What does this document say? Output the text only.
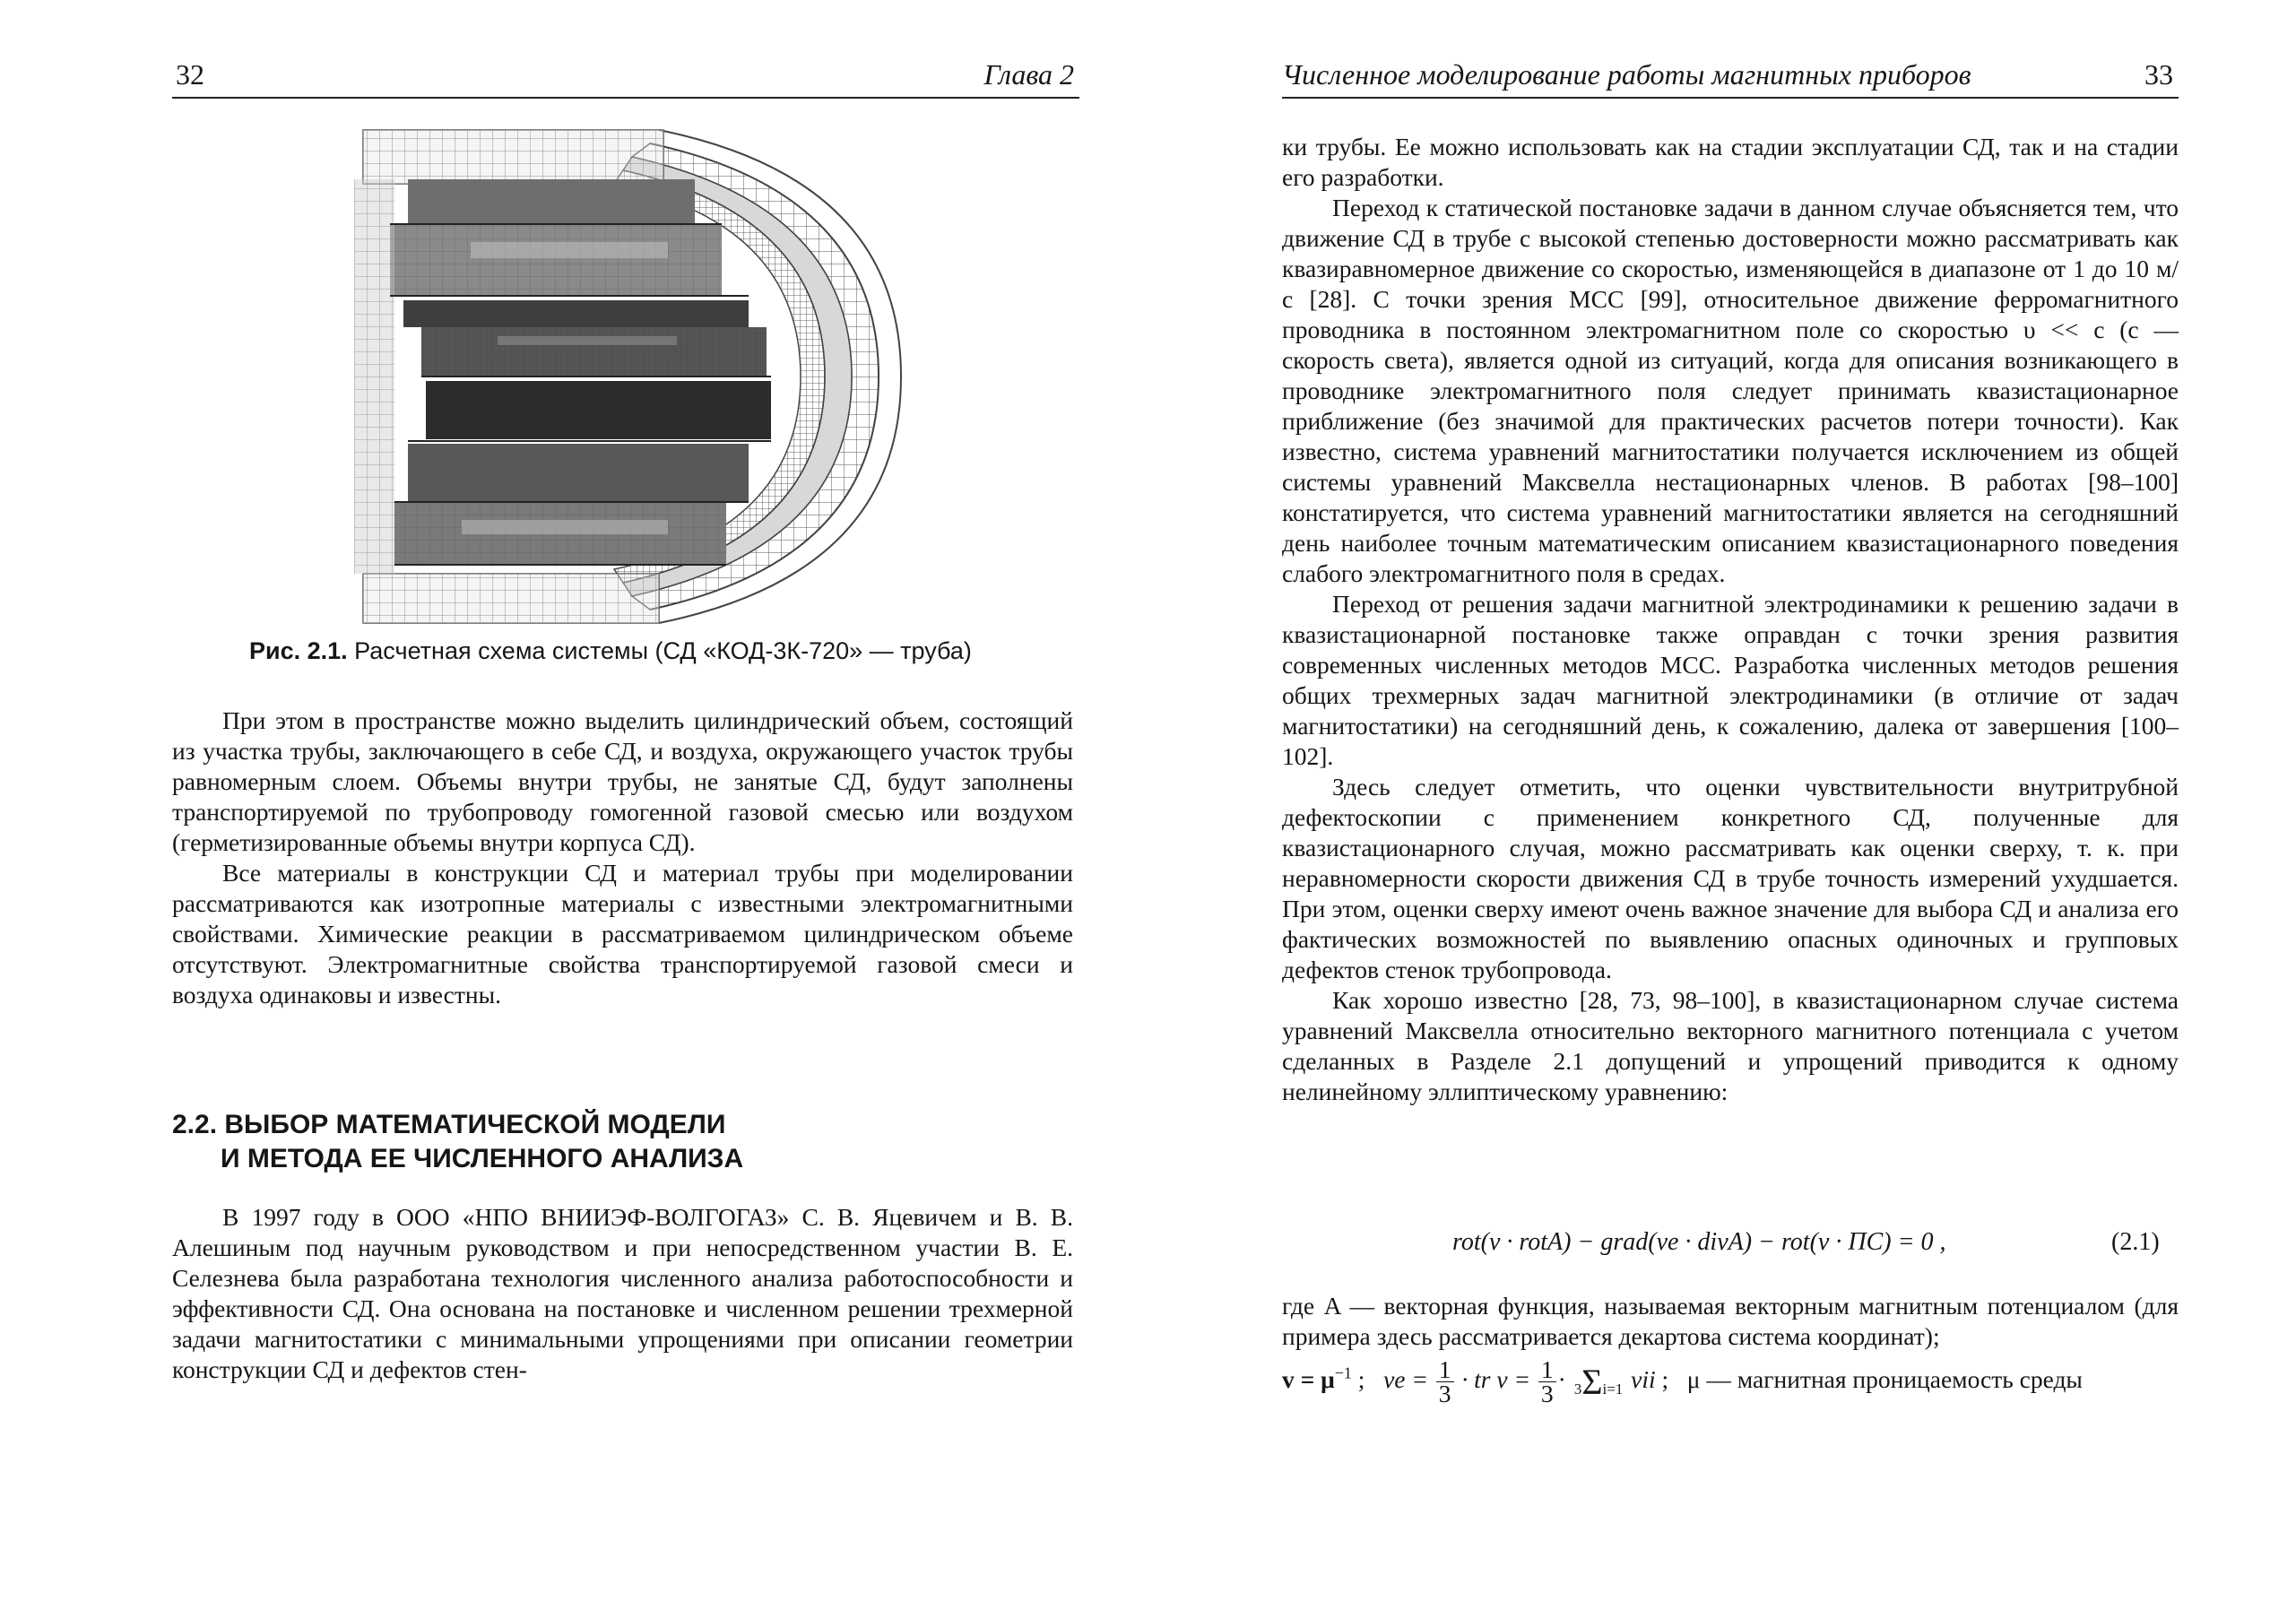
32	Глава 2
Рис. 2.1. Расчетная схема системы (СД «КОД-3К-720» — труба)

При этом в пространстве можно выделить цилиндрический объем, состоящий из участка трубы, заключающего в себе СД, и воздуха, окружающего участок трубы равномерным слоем. Объемы внутри трубы, не занятые СД, будут заполнены транспортируемой по трубопроводу гомогенной газовой смесью или воздухом (герметизированные объемы внутри корпуса СД).

Все материалы в конструкции СД и материал трубы при моделировании рассматриваются как изотропные материалы с известными электромагнитными свойствами. Химические реакции в рассматриваемом цилиндрическом объеме отсутствуют. Электромагнитные свойства транспортируемой газовой смеси и воздуха одинаковы и известны.

2.2. ВЫБОР МАТЕМАТИЧЕСКОЙ МОДЕЛИ
И МЕТОДА ЕЕ ЧИСЛЕННОГО АНАЛИЗА

В 1997 году в ООО «НПО ВНИИЭФ-ВОЛГОГАЗ» С. В. Яцевичем и В. В. Алешиным под научным руководством и при непосредственном участии В. Е. Селезнева была разработана технология численного анализа работоспособности и эффективности СД. Она основана на постановке и численном решении трехмерной задачи магнитостатики с минимальными упрощениями при описании геометрии конструкции СД и дефектов стен-

Численное моделирование работы магнитных приборов	33

ки трубы. Ее можно использовать как на стадии эксплуатации СД, так и на стадии его разработки.

Переход к статической постановке задачи в данном случае объясняется тем, что движение СД в трубе с высокой степенью достоверности можно рассматривать как квазиравномерное движение со скоростью, изменяющейся в диапазоне от 1 до 10 м/с [28]. С точки зрения МСС [99], относительное движение ферромагнитного проводника в постоянном электромагнитном поле со скоростью υ << c (c — скорость света), является одной из ситуаций, когда для описания возникающего в проводнике электромагнитного поля следует принимать квазистационарное приближение (без значимой для практических расчетов потери точности). Как известно, система уравнений магнитостатики получается исключением из общей системы уравнений Максвелла нестационарных членов. В работах [98–100] констатируется, что система уравнений магнитостатики является на сегодняшний день наиболее точным математическим описанием квазистационарного поведения слабого электромагнитного поля в средах.

Переход от решения задачи магнитной электродинамики к решению задачи в квазистационарной постановке также оправдан с точки зрения развития современных численных методов МСС. Разработка численных методов решения общих трехмерных задач магнитной электродинамики (в отличие от задач магнитостатики) на сегодняшний день, к сожалению, далека от завершения [100–102].

Здесь следует отметить, что оценки чувствительности внутритрубной дефектоскопии с применением конкретного СД, полученные для квазистационарного случая, можно рассматривать как оценки сверху, т. к. при неравномерности скорости движения СД в трубе точность измерений ухудшается. При этом, оценки сверху имеют очень важное значение для выбора СД и анализа его фактических возможностей по выявлению опасных одиночных и групповых дефектов стенок трубопровода.

Как хорошо известно [28, 73, 98–100], в квазистационарном случае система уравнений Максвелла относительно векторного магнитного потенциала с учетом сделанных в Разделе 2.1 допущений и упрощений приводится к одному нелинейному эллиптическому уравнению:

rot(v · rotA) − grad(ve · divA) − rot(v · ΠC) = 0 ,	(2.1)

где A — векторная функция, называемая векторным магнитным потенциалом (для примера здесь рассматривается декартова система координат);

$v = \mu^{-1}$ ;   ve = $\frac{1}{3}$ · tr $v = \frac{1}{3} \cdot 3\Sigma i=1$ vii ;   μ — магнитная проницаемость среды
